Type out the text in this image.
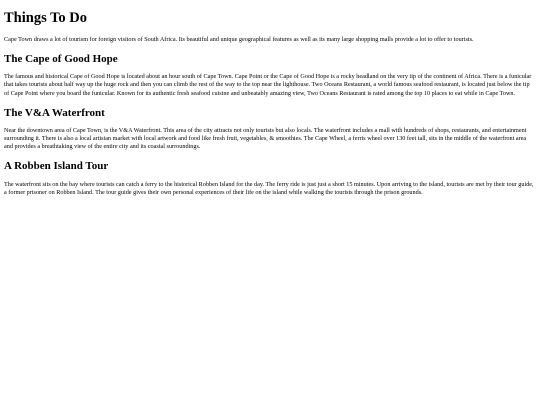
Things To Do

Cape Town draws a lot of tourism for foreign visitors of South Africa. Its beautiful and unique geographical features as well as its many large shopping malls provide a lot to offer to tourists.

The Cape of Good Hope

The famous and historical Cape of Good Hope is located about an hour south of Cape Town. Cape Point or the Cape of Good Hope is a rocky headland on the very tip of the continent of Africa. There is a funicular that takes tourists about half way up the huge rock and then you can climb the rest of the way to the top near the lighthouse. Two Oceans Restaurant, a world famous seafood restaurant, is located just below the tip of Cape Point where you board the funicular. Known for its authentic fresh seafood cuisine and unbeatably amazing view, Two Oceans Restaurant is rated among the top 10 places to eat while in Cape Town.

The V&A Waterfront

Near the downtown area of Cape Town, is the V&A Waterfront. This area of the city attracts not only tourists but also locals. The waterfront includes a mall with hundreds of shops, restaurants, and entertainment surrounding it. There is also a local artisian market with local artwork and food like fresh fruit, vegetables, & smoothies. The Cape Wheel, a ferris wheel over 130 feet tall, sits in the middle of the waterfront area and provides a breathtaking view of the entire city and its coastal surroundings.

A Robben Island Tour

The waterfront sits on the bay where tourists can catch a ferry to the historical Robben Island for the day. The ferry ride is just just a short 15 minutes. Upon arriving to the island, tourists are met by their tour guide, a former prisoner on Robben Island. The tour guide gives their own personal experiences of their life on the island while walking the tourists through the prison grounds.
